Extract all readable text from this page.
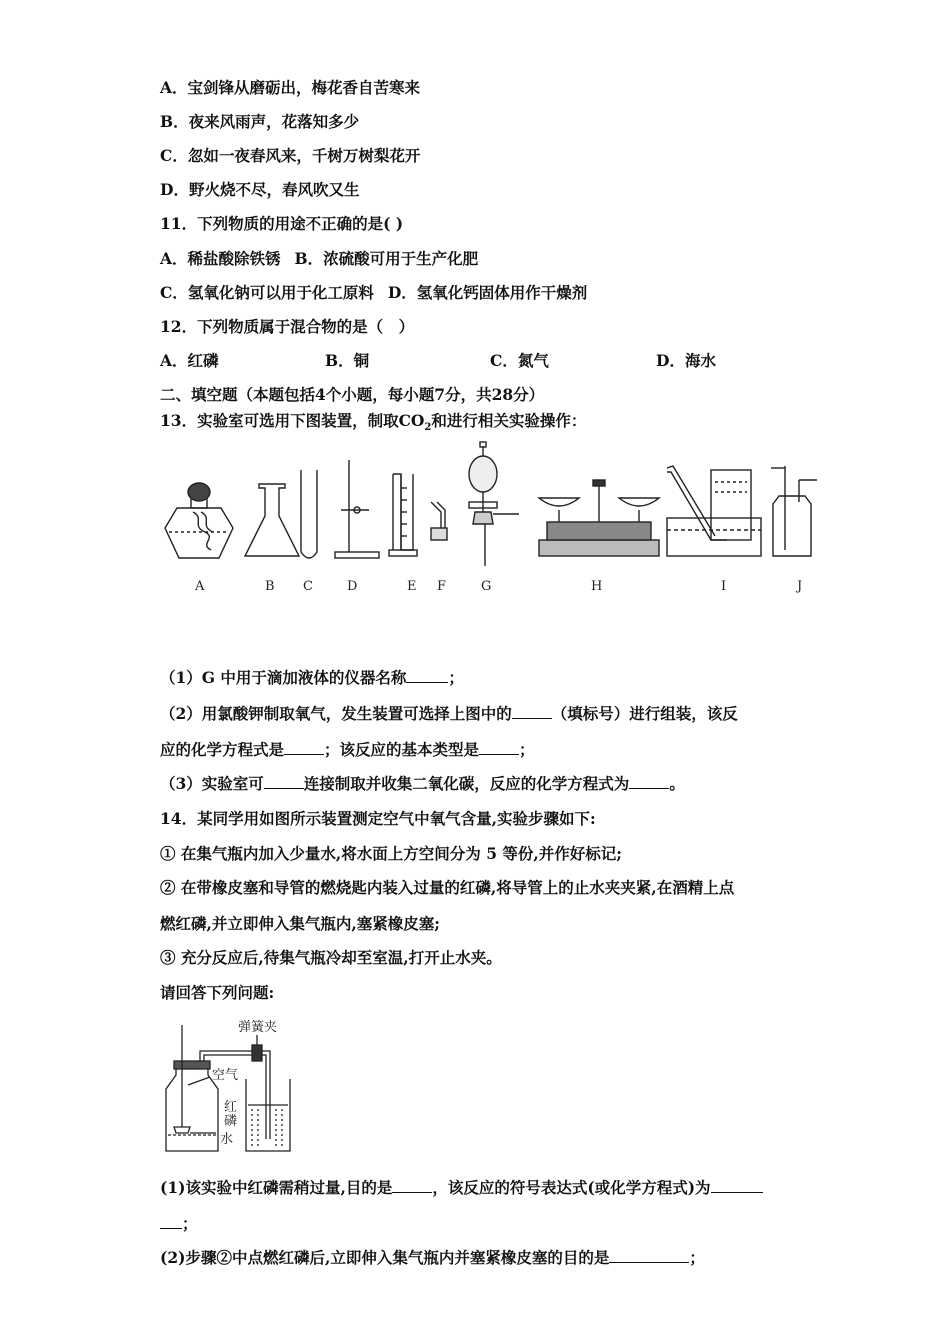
A．宝剑锋从磨砺出，梅花香自苦寒来
B．夜来风雨声，花落知多少
C．忽如一夜春风来，千树万树梨花开
D．野火烧不尽，春风吹又生
11．下列物质的用途不正确的是( )
A．稀盐酸除铁锈 B．浓硫酸可用于生产化肥
C．氢氧化钠可以用于化工原料 D．氢氧化钙固体用作干燥剂
12．下列物质属于混合物的是（　）
A．红磷	B．铜	C．氮气	D．海水
二、填空题（本题包括4个小题，每小题7分，共28分）
13．实验室可选用下图装置，制取$CO_2$和进行相关实验操作：
A	B C	D	E F	G	H	I	J
（1）G 中用于滴加液体的仪器名称	；
（2）用氯酸钾制取氧气，发生装置可选择上图中的	（填标号）进行组装，该反
应的化学方程式是	；该反应的基本类型是	；
（3）实验室可	连接制取并收集二氧化碳，反应的化学方程式为	。
14．某同学用如图所示装置测定空气中氧气含量,实验步骤如下:
① 在集气瓶内加入少量水,将水面上方空间分为 5 等份,并作好标记;
② 在带橡皮塞和导管的燃烧匙内装入过量的红磷,将导管上的止水夹夹紧,在酒精上点
燃红磷,并立即伸入集气瓶内,塞紧橡皮塞;
③ 充分反应后,待集气瓶冷却至室温,打开止水夹。
请回答下列问题:
弹簧夹
空气
红
磷
水
(1)该实验中红磷需稍过量,目的是	，该反应的符号表达式(或化学方程式)为
；
(2)步骤②中点燃红磷后,立即伸入集气瓶内并塞紧橡皮塞的目的是	；
